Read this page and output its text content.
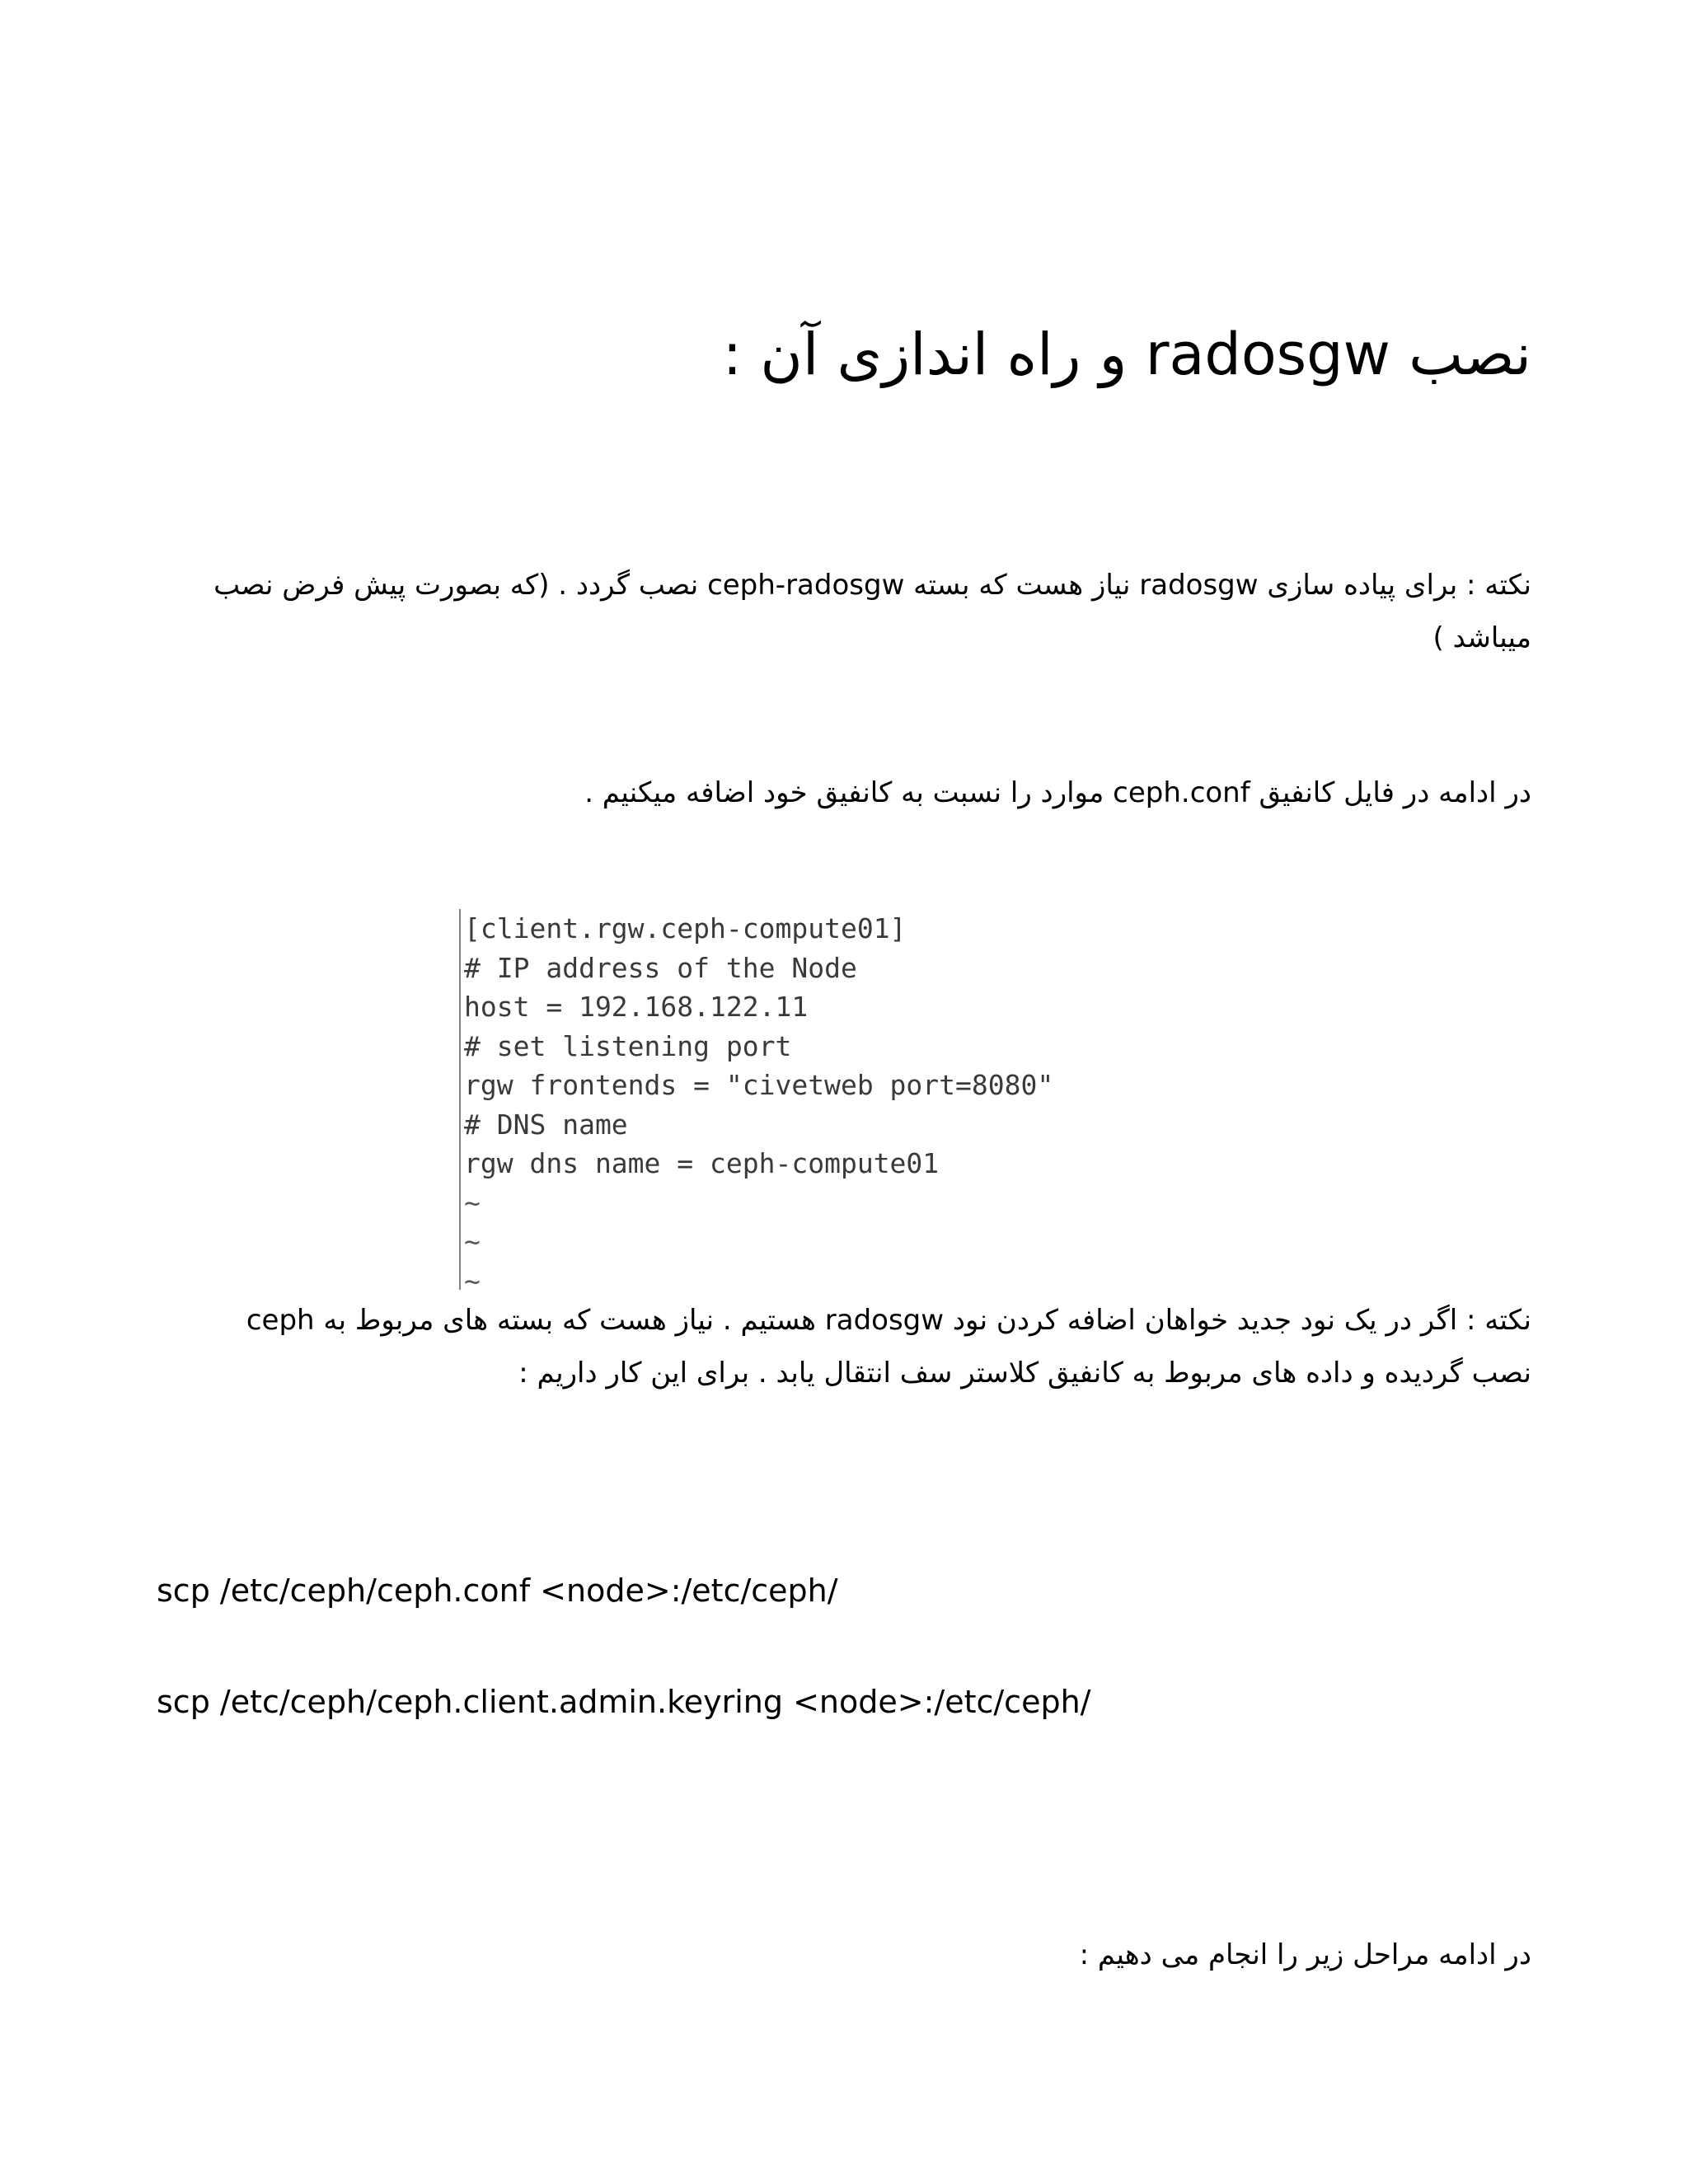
نصب radosgw و راه اندازی آن :

نکته : برای پیاده سازی radosgw نیاز هست که بسته ceph-radosgw نصب گردد . (که بصورت پیش فرض نصب میباشد )

در ادامه در فایل کانفیق ceph.conf موارد را نسبت به کانفیق خود اضافه میکنیم .

[client.rgw.ceph-compute01]
# IP address of the Node
host = 192.168.122.11
# set listening port
rgw frontends = "civetweb port=8080"
# DNS name
rgw dns name = ceph-compute01
~
~
~

نکته : اگر در یک نود جدید خواهان اضافه کردن نود radosgw هستیم . نیاز هست که بسته های مربوط به ceph نصب گردیده و داده های مربوط به کانفیق کلاستر سف انتقال یابد . برای این کار داریم :

scp /etc/ceph/ceph.conf <node>:/etc/ceph/
scp /etc/ceph/ceph.client.admin.keyring <node>:/etc/ceph/

در ادامه مراحل زیر را انجام می دهیم :
